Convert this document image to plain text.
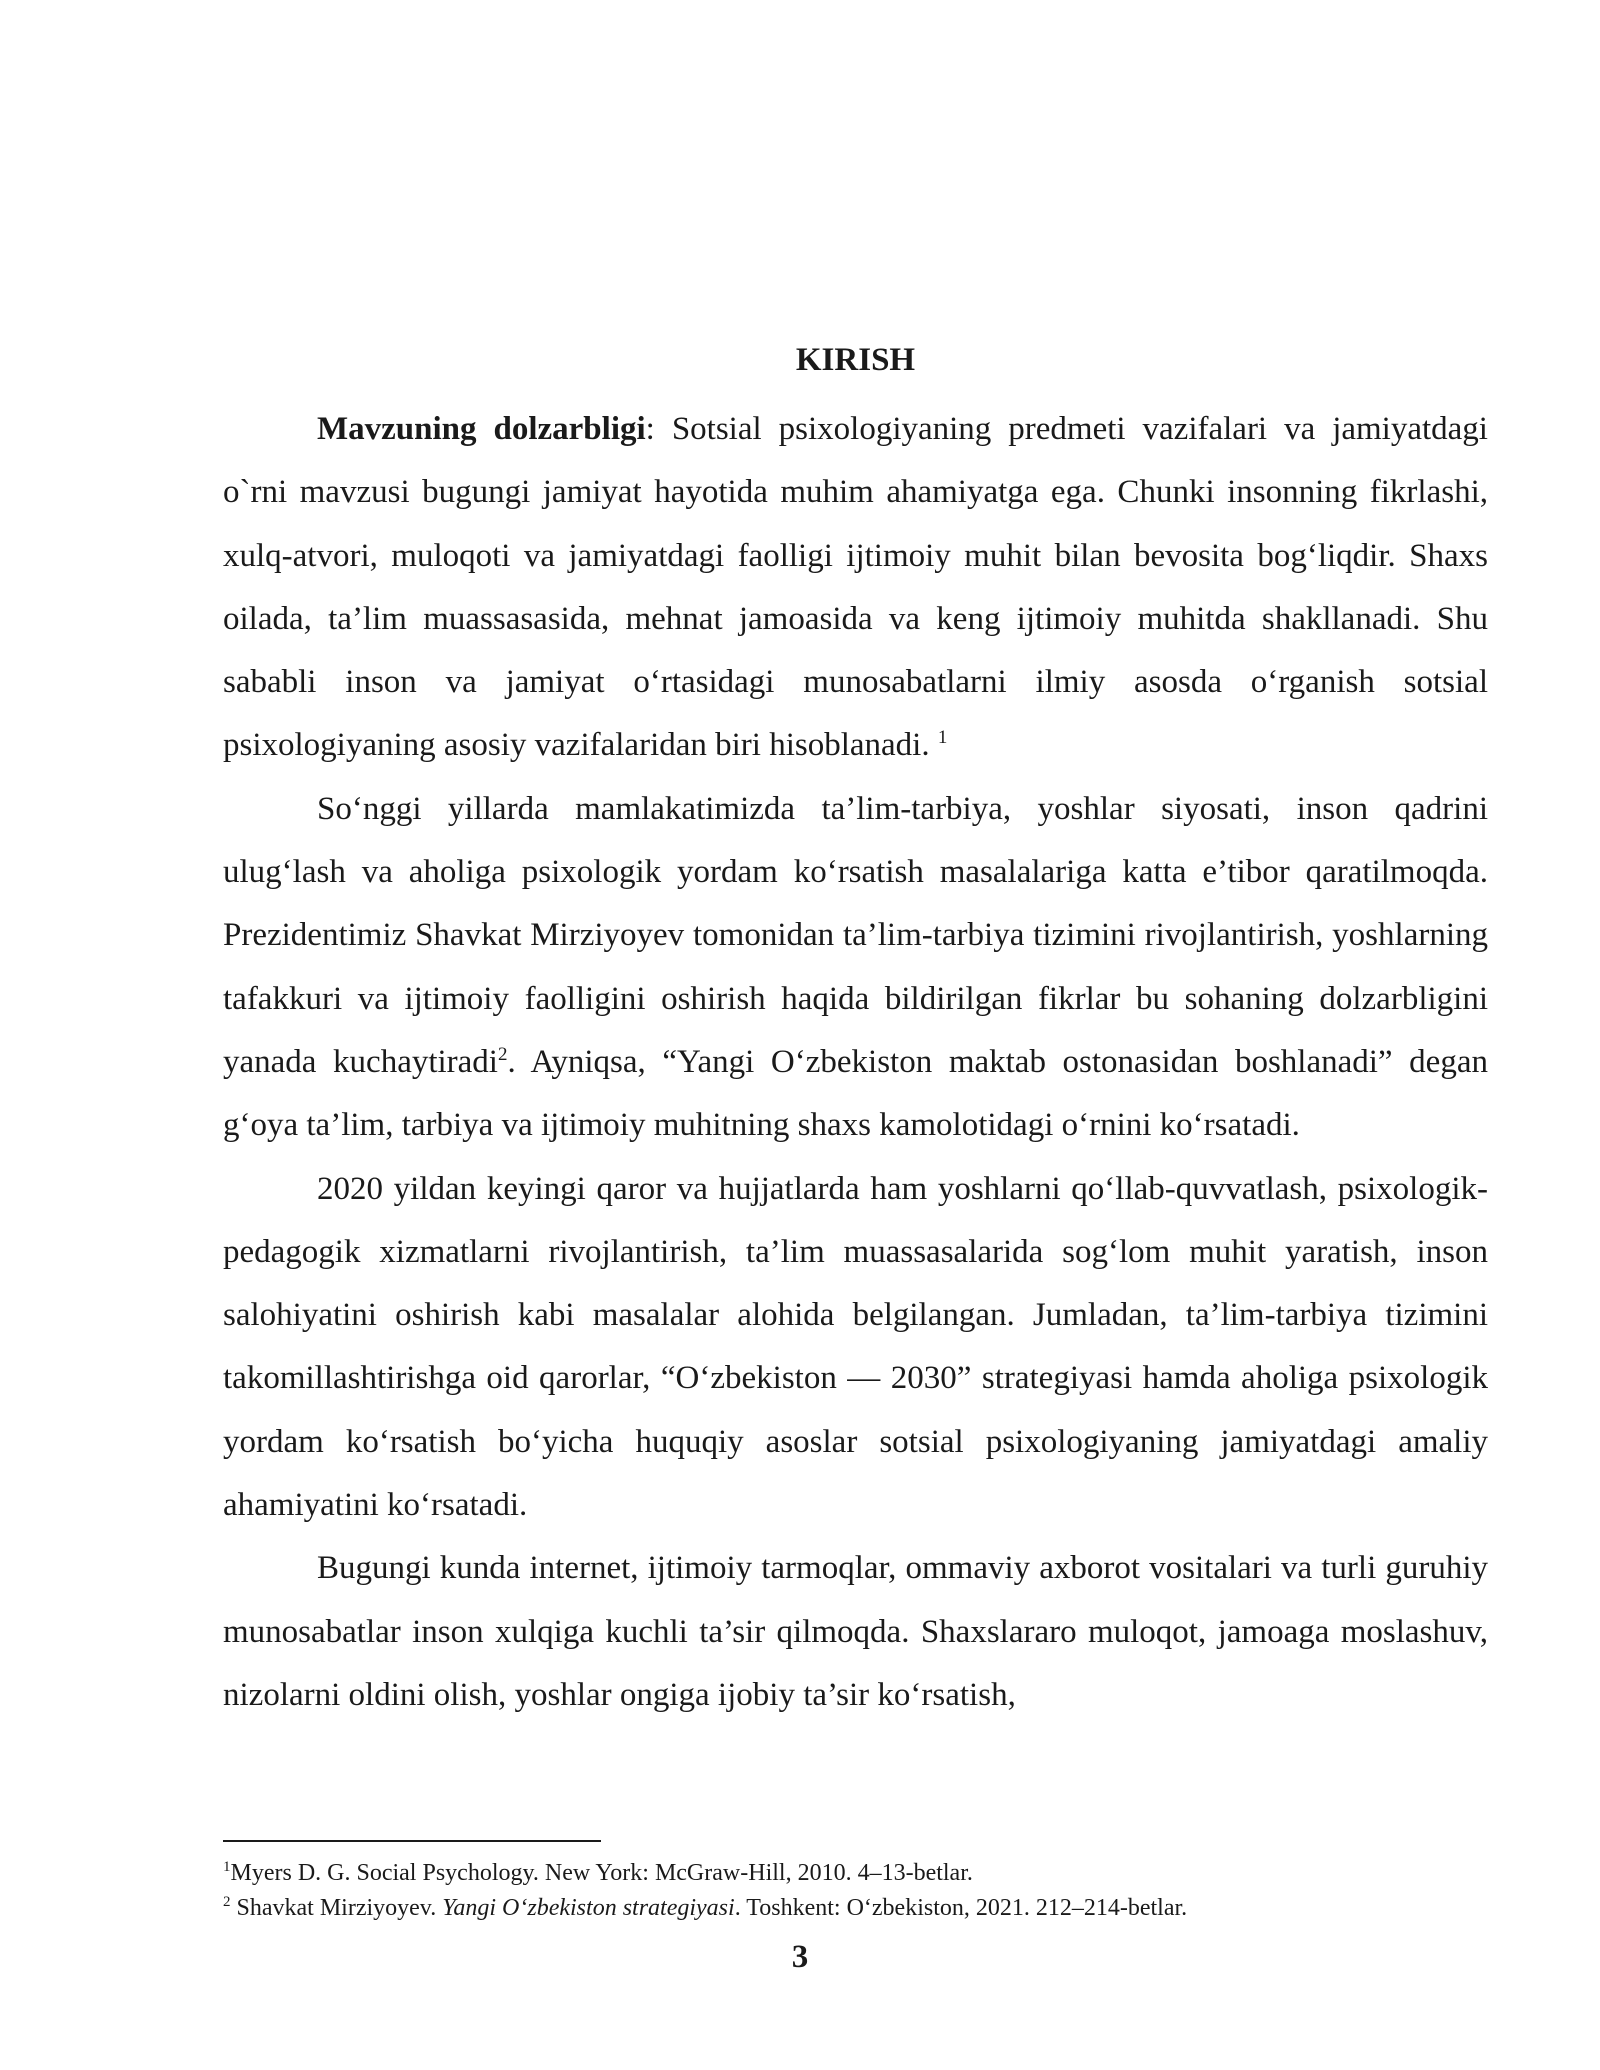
KIRISH

Mavzuning dolzarbligi: Sotsial psixologiyaning predmeti vazifalari va jamiyatdagi o`rni mavzusi bugungi jamiyat hayotida muhim ahamiyatga ega. Chunki insonning fikrlashi, xulq-atvori, muloqoti va jamiyatdagi faolligi ijtimoiy muhit bilan bevosita bog‘liqdir. Shaxs oilada, ta’lim muassasasida, mehnat jamoasida va keng ijtimoiy muhitda shakllanadi. Shu sababli inson va jamiyat o‘rtasidagi munosabatlarni ilmiy asosda o‘rganish sotsial psixologiyaning asosiy vazifalaridan biri hisoblanadi. $^1$

So‘nggi yillarda mamlakatimizda ta’lim-tarbiya, yoshlar siyosati, inson qadrini ulug‘lash va aholiga psixologik yordam ko‘rsatish masalalariga katta e’tibor qaratilmoqda. Prezidentimiz Shavkat Mirziyoyev tomonidan ta’lim-tarbiya tizimini rivojlantirish, yoshlarning tafakkuri va ijtimoiy faolligini oshirish haqida bildirilgan fikrlar bu sohaning dolzarbligini yanada kuchaytiradi$^2$. Ayniqsa, “Yangi O‘zbekiston maktab ostonasidan boshlanadi” degan g‘oya ta’lim, tarbiya va ijtimoiy muhitning shaxs kamolotidagi o‘rnini ko‘rsatadi.

2020 yildan keyingi qaror va hujjatlarda ham yoshlarni qo‘llab-quvvatlash, psixologik-pedagogik xizmatlarni rivojlantirish, ta’lim muassasalarida sog‘lom muhit yaratish, inson salohiyatini oshirish kabi masalalar alohida belgilangan. Jumladan, ta’lim-tarbiya tizimini takomillashtirishga oid qarorlar, “O‘zbekiston — 2030” strategiyasi hamda aholiga psixologik yordam ko‘rsatish bo‘yicha huquqiy asoslar sotsial psixologiyaning jamiyatdagi amaliy ahamiyatini ko‘rsatadi.

Bugungi kunda internet, ijtimoiy tarmoqlar, ommaviy axborot vositalari va turli guruhiy munosabatlar inson xulqiga kuchli ta’sir qilmoqda. Shaxslararo muloqot, jamoaga moslashuv, nizolarni oldini olish, yoshlar ongiga ijobiy ta’sir ko‘rsatish,

$^1$Myers D. G. Social Psychology. New York: McGraw-Hill, 2010. 4–13-betlar.

$^2$ Shavkat Mirziyoyev. Yangi O‘zbekiston strategiyasi. Toshkent: O‘zbekiston, 2021. 212–214-betlar.

3
